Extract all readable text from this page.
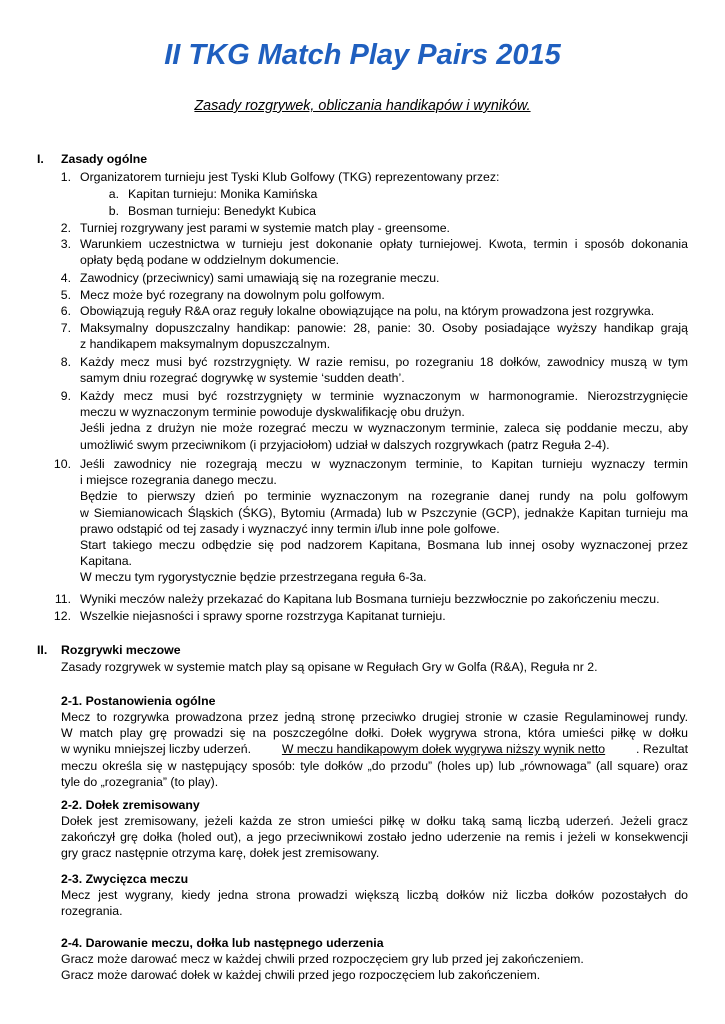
II TKG Match Play Pairs 2015
Zasady rozgrywek, obliczania handikapów i wyników.
I. Zasady ogólne
1. Organizatorem turnieju jest Tyski Klub Golfowy (TKG) reprezentowany przez:
a. Kapitan turnieju: Monika Kamińska
b. Bosman turnieju: Benedykt Kubica
2. Turniej rozgrywany jest parami w systemie match play - greensome.
3. Warunkiem uczestnictwa w turnieju jest dokonanie opłaty turniejowej. Kwota, termin i sposób dokonania
opłaty będą podane w oddzielnym dokumencie.
4. Zawodnicy (przeciwnicy) sami umawiają się na rozegranie meczu.
5. Mecz może być rozegrany na dowolnym polu golfowym.
6. Obowiązują reguły R&A oraz reguły lokalne obowiązujące na polu, na którym prowadzona jest rozgrywka.
7. Maksymalny dopuszczalny handikap: panowie: 28, panie: 30. Osoby posiadające wyższy handikap grają
z handikapem maksymalnym dopuszczalnym.
8. Każdy mecz musi być rozstrzygnięty. W razie remisu, po rozegraniu 18 dołków, zawodnicy muszą w tym
samym dniu rozegrać dogrywkę w systemie ‘sudden death’.
9. Każdy mecz musi być rozstrzygnięty w terminie wyznaczonym w harmonogramie. Nierozstrzygnięcie
meczu w wyznaczonym terminie powoduje dyskwalifikację obu drużyn.
Jeśli jedna z drużyn nie może rozegrać meczu w wyznaczonym terminie, zaleca się poddanie meczu, aby
umożliwić swym przeciwnikom (i przyjaciołom) udział w dalszych rozgrywkach (patrz Reguła 2-4).
10. Jeśli zawodnicy nie rozegrają meczu w wyznaczonym terminie, to Kapitan turnieju wyznaczy termin
i miejsce rozegrania danego meczu.
Będzie to pierwszy dzień po terminie wyznaczonym na rozegranie danej rundy na polu golfowym
w Siemianowicach Śląskich (ŚKG), Bytomiu (Armada) lub w Pszczynie (GCP), jednakże Kapitan turnieju ma
prawo odstąpić od tej zasady i wyznaczyć inny termin i/lub inne pole golfowe.
Start takiego meczu odbędzie się pod nadzorem Kapitana, Bosmana lub innej osoby wyznaczonej przez
Kapitana.
W meczu tym rygorystycznie będzie przestrzegana reguła 6-3a.
11. Wyniki meczów należy przekazać do Kapitana lub Bosmana turnieju bezzwłocznie po zakończeniu meczu.
12. Wszelkie niejasności i sprawy sporne rozstrzyga Kapitanat turnieju.
II. Rozgrywki meczowe
Zasady rozgrywek w systemie match play są opisane w Regułach Gry w Golfa (R&A), Reguła nr 2.
2-1. Postanowienia ogólne
Mecz to rozgrywka prowadzona przez jedną stronę przeciwko drugiej stronie w czasie Regulaminowej rundy.
W match play grę prowadzi się na poszczególne dołki. Dołek wygrywa strona, która umieści piłkę w dołku
w wyniku mniejszej liczby uderzeń.	W meczu handikapowym dołek wygrywa niższy wynik netto	. Rezultat
meczu określa się w następujący sposób: tyle dołków „do przodu” (holes up) lub „równowaga” (all square) oraz
tyle do „rozegrania” (to play).
2-2. Dołek zremisowany
Dołek jest zremisowany, jeżeli każda ze stron umieści piłkę w dołku taką samą liczbą uderzeń. Jeżeli gracz
zakończył grę dołka (holed out), a jego przeciwnikowi zostało jedno uderzenie na remis i jeżeli w konsekwencji
gry gracz następnie otrzyma karę, dołek jest zremisowany.
2-3. Zwycięzca meczu
Mecz jest wygrany, kiedy jedna strona prowadzi większą liczbą dołków niż liczba dołków pozostałych do
rozegrania.
2-4. Darowanie meczu, dołka lub następnego uderzenia
Gracz może darować mecz w każdej chwili przed rozpoczęciem gry lub przed jej zakończeniem.
Gracz może darować dołek w każdej chwili przed jego rozpoczęciem lub zakończeniem.
